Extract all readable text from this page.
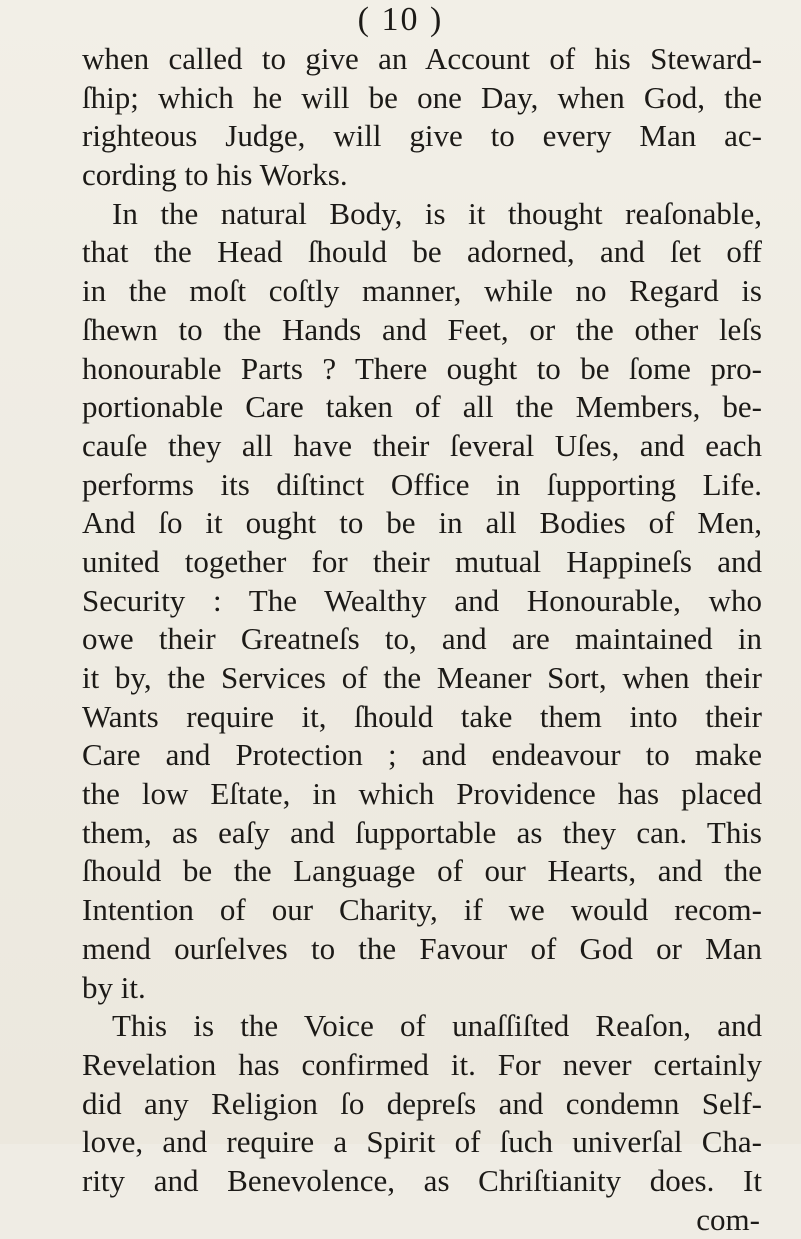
( 10 )
when called to give an Account of his Steward-
ſhip; which he will be one Day, when God, the
righteous Judge, will give to every Man ac-
cording to his Works.
In the natural Body, is it thought reaſonable,
that the Head ſhould be adorned, and ſet off
in the moſt coſtly manner, while no Regard is
ſhewn to the Hands and Feet, or the other leſs
honourable Parts ? There ought to be ſome pro-
portionable Care taken of all the Members, be-
cauſe they all have their ſeveral Uſes, and each
performs its diſtinct Office in ſupporting Life.
And ſo it ought to be in all Bodies of Men,
united together for their mutual Happineſs and
Security : The Wealthy and Honourable, who
owe their Greatneſs to, and are maintained in
it by, the Services of the Meaner Sort, when their
Wants require it, ſhould take them into their
Care and Protection ; and endeavour to make
the low Eſtate, in which Providence has placed
them, as eaſy and ſupportable as they can. This
ſhould be the Language of our Hearts, and the
Intention of our Charity, if we would recom-
mend ourſelves to the Favour of God or Man
by it.
This is the Voice of unaſſiſted Reaſon, and
Revelation has confirmed it. For never certainly
did any Religion ſo depreſs and condemn Self-
love, and require a Spirit of ſuch univerſal Cha-
rity and Benevolence, as Chriſtianity does. It
com-
